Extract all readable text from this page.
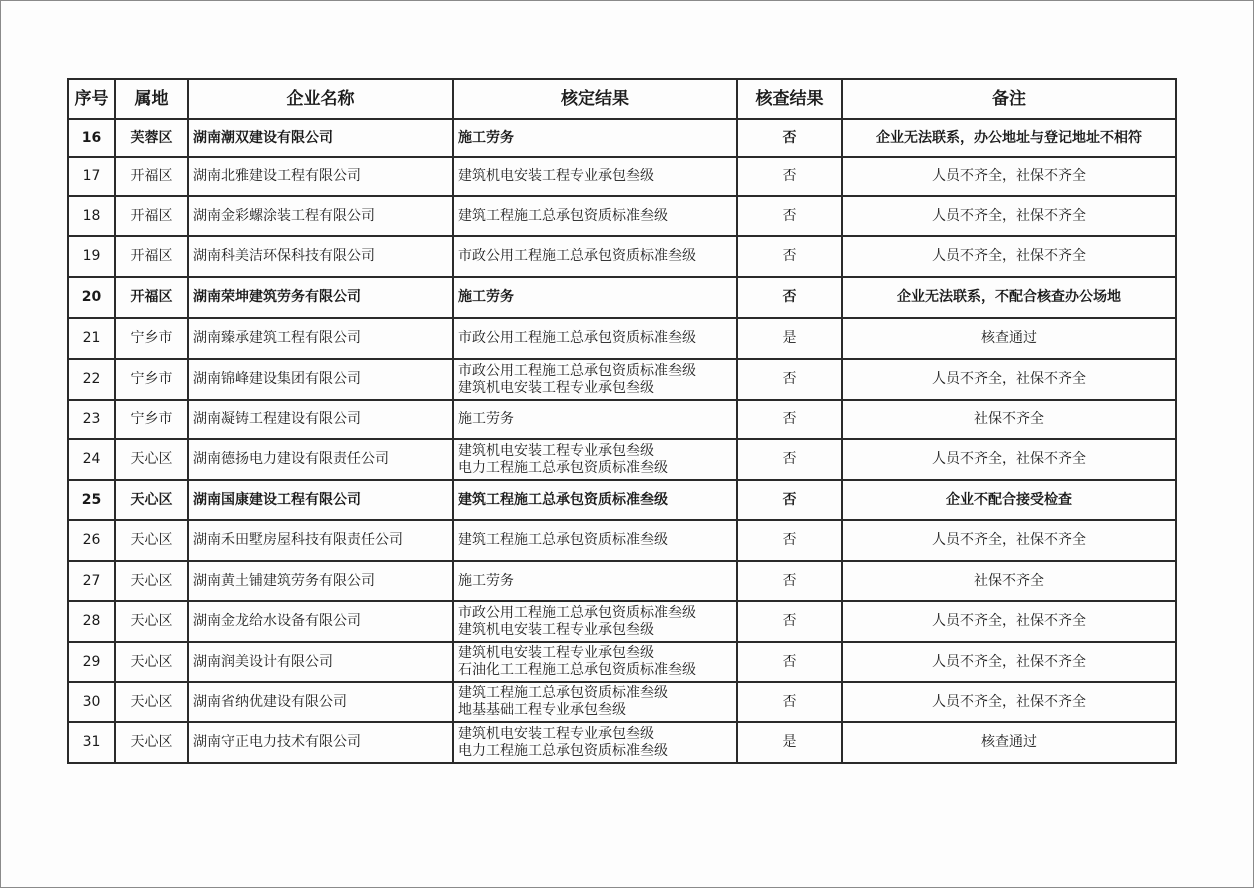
序号	属地	企业名称	核定结果	核查结果	备注
16	芙蓉区	湖南潮双建设有限公司	施工劳务	否	企业无法联系，办公地址与登记地址不相符
17	开福区	湖南北雅建设工程有限公司	建筑机电安装工程专业承包叁级	否	人员不齐全，社保不齐全
18	开福区	湖南金彩螺涂装工程有限公司	建筑工程施工总承包资质标准叁级	否	人员不齐全，社保不齐全
19	开福区	湖南科美洁环保科技有限公司	市政公用工程施工总承包资质标准叁级	否	人员不齐全，社保不齐全
20	开福区	湖南荣坤建筑劳务有限公司	施工劳务	否	企业无法联系，不配合核查办公场地
21	宁乡市	湖南臻承建筑工程有限公司	市政公用工程施工总承包资质标准叁级	是	核查通过
22	宁乡市	湖南锦峰建设集团有限公司	市政公用工程施工总承包资质标准叁级
建筑机电安装工程专业承包叁级	否	人员不齐全，社保不齐全
23	宁乡市	湖南凝铸工程建设有限公司	施工劳务	否	社保不齐全
24	天心区	湖南德扬电力建设有限责任公司	建筑机电安装工程专业承包叁级
电力工程施工总承包资质标准叁级	否	人员不齐全，社保不齐全
25	天心区	湖南国康建设工程有限公司	建筑工程施工总承包资质标准叁级	否	企业不配合接受检查
26	天心区	湖南禾田墅房屋科技有限责任公司	建筑工程施工总承包资质标准叁级	否	人员不齐全，社保不齐全
27	天心区	湖南黄土铺建筑劳务有限公司	施工劳务	否	社保不齐全
28	天心区	湖南金龙给水设备有限公司	市政公用工程施工总承包资质标准叁级
建筑机电安装工程专业承包叁级	否	人员不齐全，社保不齐全
29	天心区	湖南润美设计有限公司	建筑机电安装工程专业承包叁级
石油化工工程施工总承包资质标准叁级	否	人员不齐全，社保不齐全
30	天心区	湖南省纳优建设有限公司	建筑工程施工总承包资质标准叁级
地基基础工程专业承包叁级	否	人员不齐全，社保不齐全
31	天心区	湖南守正电力技术有限公司	建筑机电安装工程专业承包叁级
电力工程施工总承包资质标准叁级	是	核查通过
